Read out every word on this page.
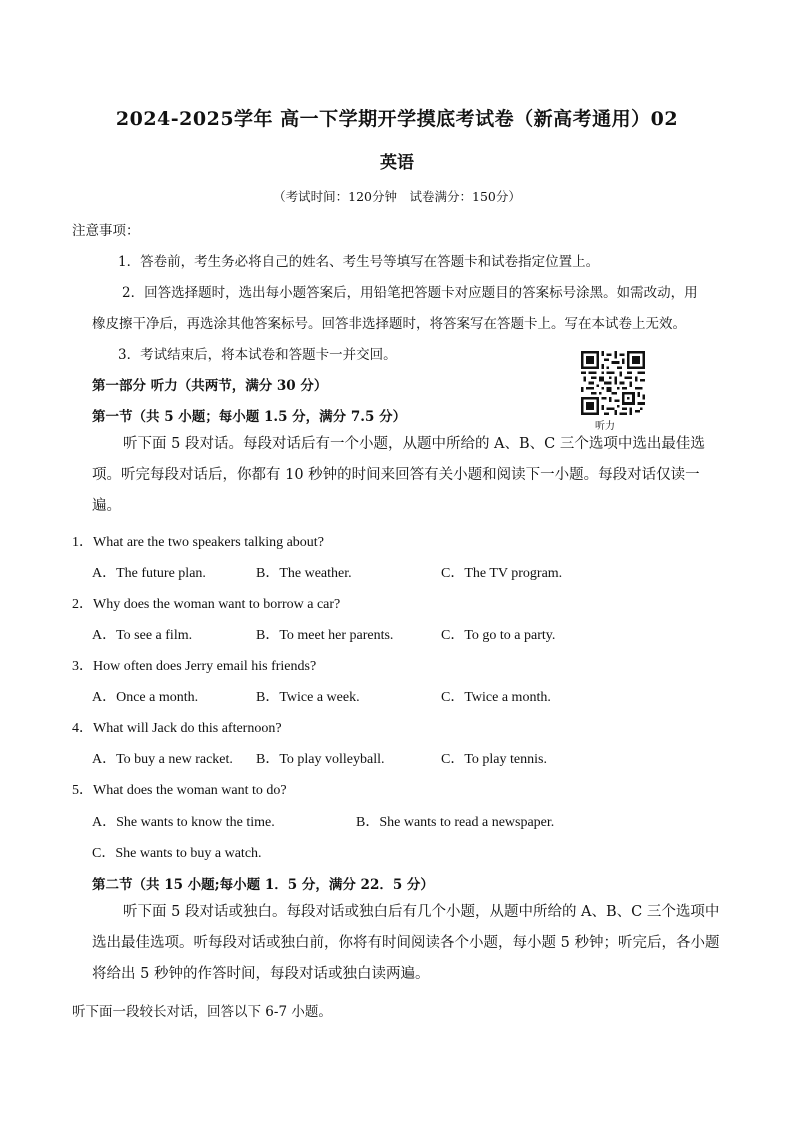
2024-2025学年 高一下学期开学摸底考试卷（新高考通用）02
英语
（考试时间：120分钟　试卷满分：150分）
注意事项：
1．答卷前，考生务必将自己的姓名、考生号等填写在答题卡和试卷指定位置上。
2．回答选择题时，选出每小题答案后，用铅笔把答题卡对应题目的答案标号涂黑。如需改动，用
橡皮擦干净后，再选涂其他答案标号。回答非选择题时，将答案写在答题卡上。写在本试卷上无效。
3．考试结束后，将本试卷和答题卡一并交回。
听力
第一部分 听力（共两节，满分 30 分）
第一节（共 5 小题；每小题 1.5 分，满分 7.5 分）
听下面 5 段对话。每段对话后有一个小题，从题中所给的 A、B、C 三个选项中选出最佳选项。听完每段对话后，你都有 10 秒钟的时间来回答有关小题和阅读下一小题。每段对话仅读一遍。
1．What are the two speakers talking about?
A．The future plan.	B．The weather.	C．The TV program.
2．Why does the woman want to borrow a car?
A．To see a film.	B．To meet her parents.	C．To go to a party.
3．How often does Jerry email his friends?
A．Once a month.	B．Twice a week.	C．Twice a month.
4．What will Jack do this afternoon?
A．To buy a new racket. B．To play volleyball.	C．To play tennis.
5．What does the woman want to do?
A．She wants to know the time.	B．She wants to read a newspaper.
C．She wants to buy a watch.
第二节（共 15 小题;每小题 1．5 分，满分 22．5 分）
听下面 5 段对话或独白。每段对话或独白后有几个小题，从题中所给的 A、B、C 三个选项中选出最佳选项。听每段对话或独白前，你将有时间阅读各个小题，每小题 5 秒钟；听完后，各小题将给出 5 秒钟的作答时间，每段对话或独白读两遍。
听下面一段较长对话，回答以下 6-7 小题。
